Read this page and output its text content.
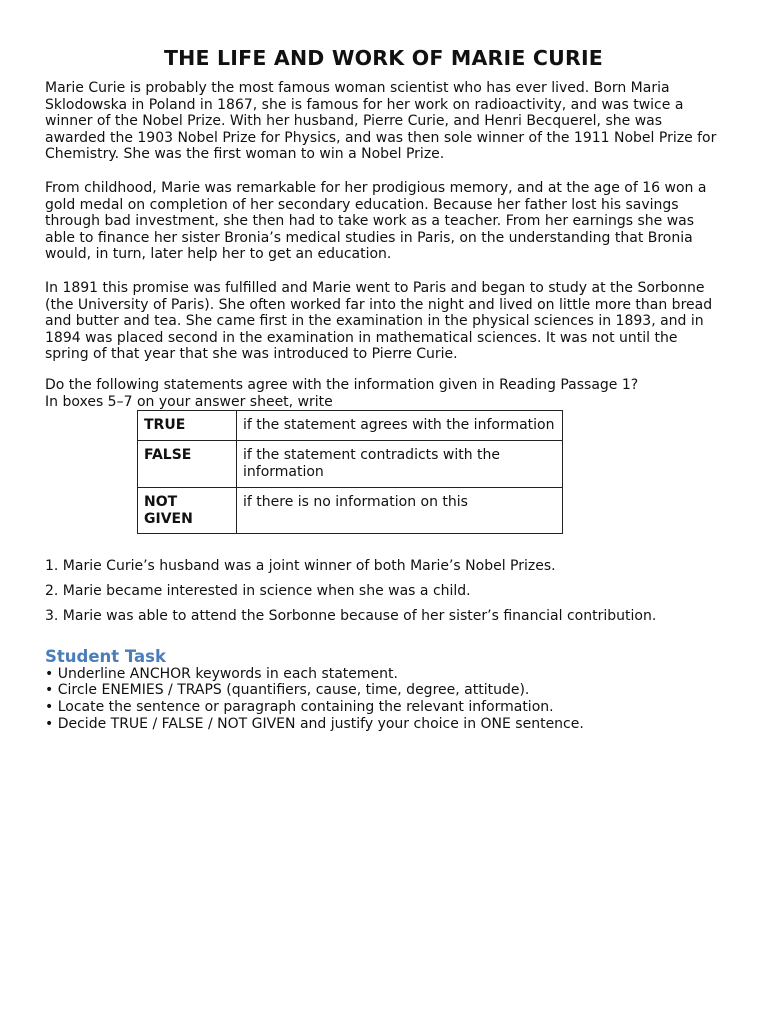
THE LIFE AND WORK OF MARIE CURIE

Marie Curie is probably the most famous woman scientist who has ever lived. Born Maria Sklodowska in Poland in 1867, she is famous for her work on radioactivity, and was twice a winner of the Nobel Prize. With her husband, Pierre Curie, and Henri Becquerel, she was awarded the 1903 Nobel Prize for Physics, and was then sole winner of the 1911 Nobel Prize for Chemistry. She was the first woman to win a Nobel Prize.

From childhood, Marie was remarkable for her prodigious memory, and at the age of 16 won a gold medal on completion of her secondary education. Because her father lost his savings through bad investment, she then had to take work as a teacher. From her earnings she was able to finance her sister Bronia’s medical studies in Paris, on the understanding that Bronia would, in turn, later help her to get an education.

In 1891 this promise was fulfilled and Marie went to Paris and began to study at the Sorbonne (the University of Paris). She often worked far into the night and lived on little more than bread and butter and tea. She came first in the examination in the physical sciences in 1893, and in 1894 was placed second in the examination in mathematical sciences. It was not until the spring of that year that she was introduced to Pierre Curie.

Do the following statements agree with the information given in Reading Passage 1?
In boxes 5–7 on your answer sheet, write
TRUE	if the statement agrees with the information
FALSE	if the statement contradicts with the information
NOT GIVEN	if there is no information on this
1. Marie Curie’s husband was a joint winner of both Marie’s Nobel Prizes.
2. Marie became interested in science when she was a child.
3. Marie was able to attend the Sorbonne because of her sister’s financial contribution.
Student Task
• Underline ANCHOR keywords in each statement.
• Circle ENEMIES / TRAPS (quantifiers, cause, time, degree, attitude).
• Locate the sentence or paragraph containing the relevant information.
• Decide TRUE / FALSE / NOT GIVEN and justify your choice in ONE sentence.
